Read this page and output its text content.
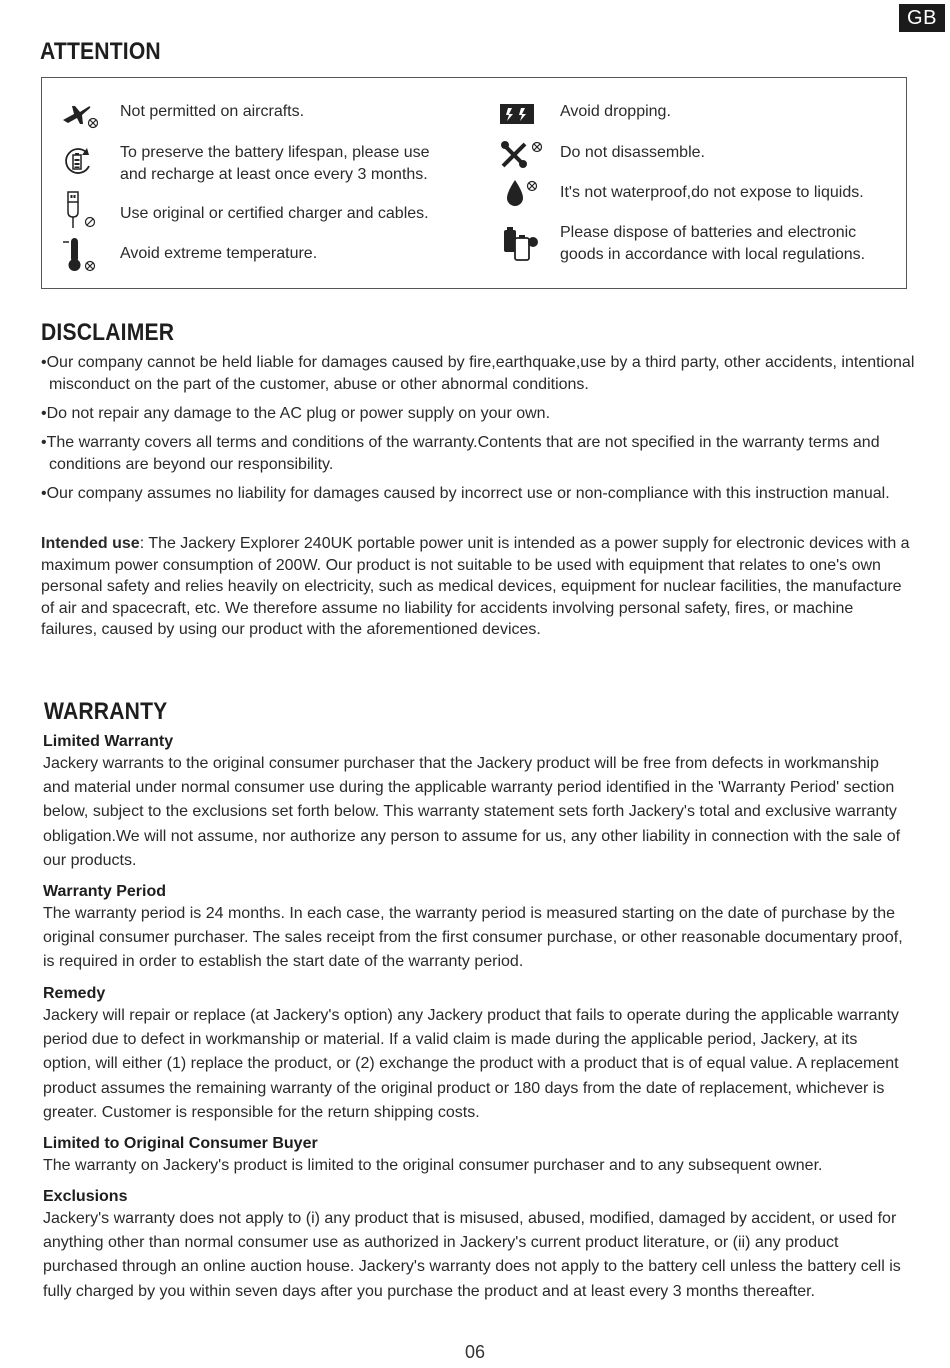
GB
ATTENTION
Not permitted on aircrafts.
To preserve the battery lifespan, please use
and recharge at least once every 3 months.
Use original or certified charger and cables.
Avoid extreme temperature.
Avoid dropping.
Do not disassemble.
It's not waterproof,do not expose to liquids.
Please dispose of batteries and electronic
goods in accordance with local regulations.
DISCLAIMER
•Our company cannot be held liable for damages caused by fire,earthquake,use by a third party, other accidents, intentional misconduct on the part of the customer, abuse or other abnormal conditions.
•Do not repair any damage to the AC plug or power supply on your own.
•The warranty covers all terms and conditions of the warranty.Contents that are not specified in the warranty terms and conditions are beyond our responsibility.
•Our company assumes no liability for damages caused by incorrect use or non-compliance with this instruction manual.
Intended use: The Jackery Explorer 240UK portable power unit is intended as a power supply for electronic devices with a maximum power consumption of 200W. Our product is not suitable to be used with equipment that relates to one's own personal safety and relies heavily on electricity, such as medical devices, equipment for nuclear facilities, the manufacture of air and spacecraft, etc. We therefore assume no liability for accidents involving personal safety, fires, or machine failures, caused by using our product with the aforementioned devices.
WARRANTY
Limited Warranty
Jackery warrants to the original consumer purchaser that the Jackery product will be free from defects in workmanship and material under normal consumer use during the applicable warranty period identified in the 'Warranty Period' section below, subject to the exclusions set forth below. This warranty statement sets forth Jackery's total and exclusive warranty obligation.We will not assume, nor authorize any person to assume for us, any other liability in connection with the sale of our products.
Warranty Period
The warranty period is 24 months. In each case, the warranty period is measured starting on the date of purchase by the original consumer purchaser. The sales receipt from the first consumer purchase, or other reasonable documentary proof, is required in order to establish the start date of the warranty period.
Remedy
Jackery will repair or replace (at Jackery's option) any Jackery product that fails to operate during the applicable warranty period due to defect in workmanship or material. If a valid claim is made during the applicable period, Jackery, at its option, will either (1) replace the product, or (2) exchange the product with a product that is of equal value. A replacement product assumes the remaining warranty of the original product or 180 days from the date of replacement, whichever is greater. Customer is responsible for the return shipping costs.
Limited to Original Consumer Buyer
The warranty on Jackery's product is limited to the original consumer purchaser and to any subsequent owner.
Exclusions
Jackery's warranty does not apply to (i) any product that is misused, abused, modified, damaged by accident, or used for anything other than normal consumer use as authorized in Jackery's current product literature, or (ii) any product purchased through an online auction house. Jackery's warranty does not apply to the battery cell unless the battery cell is fully charged by you within seven days after you purchase the product and at least every 3 months thereafter.
06
